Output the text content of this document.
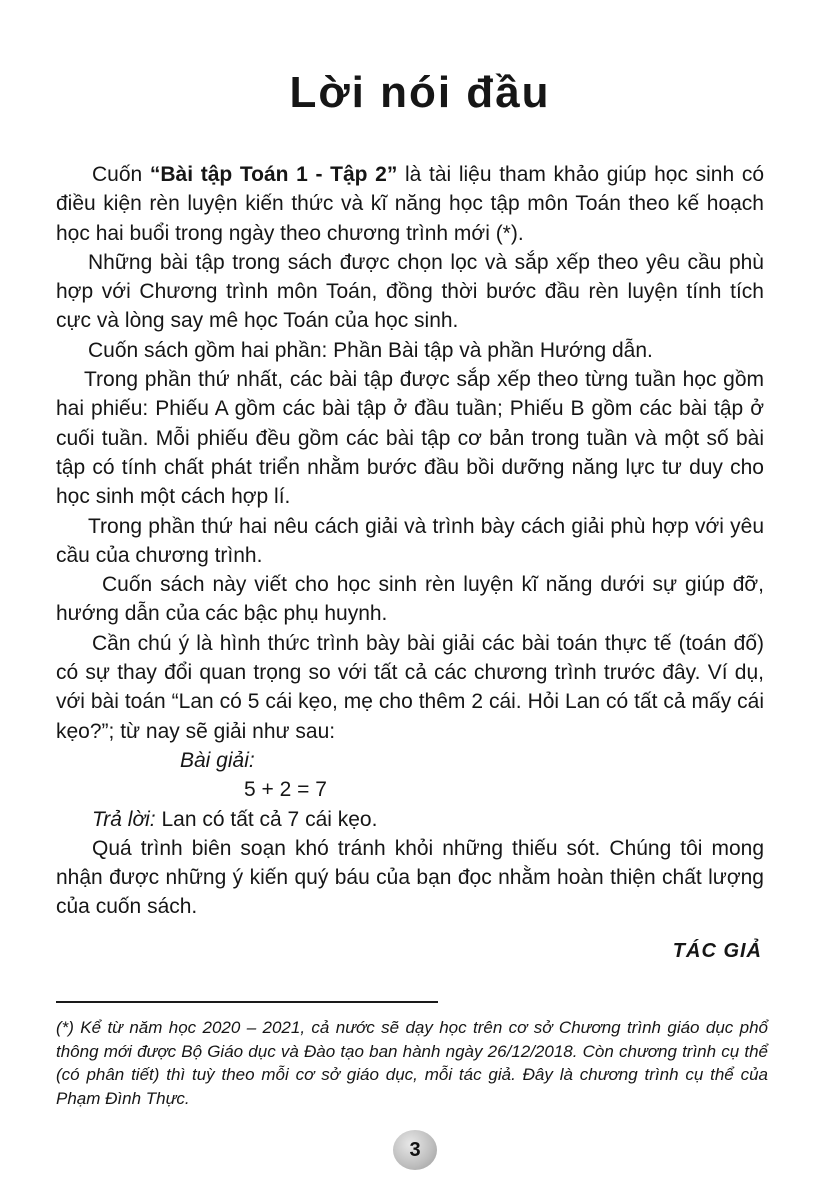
Lời nói đầu

Cuốn “Bài tập Toán 1 - Tập 2” là tài liệu tham khảo giúp học sinh có điều kiện rèn luyện kiến thức và kĩ năng học tập môn Toán theo kế hoạch học hai buổi trong ngày theo chương trình mới (*).

Những bài tập trong sách được chọn lọc và sắp xếp theo yêu cầu phù hợp với Chương trình môn Toán, đồng thời bước đầu rèn luyện tính tích cực và lòng say mê học Toán của học sinh.

Cuốn sách gồm hai phần: Phần Bài tập và phần Hướng dẫn.

Trong phần thứ nhất, các bài tập được sắp xếp theo từng tuần học gồm hai phiếu: Phiếu A gồm các bài tập ở đầu tuần; Phiếu B gồm các bài tập ở cuối tuần. Mỗi phiếu đều gồm các bài tập cơ bản trong tuần và một số bài tập có tính chất phát triển nhằm bước đầu bồi dưỡng năng lực tư duy cho học sinh một cách hợp lí.

Trong phần thứ hai nêu cách giải và trình bày cách giải phù hợp với yêu cầu của chương trình.

Cuốn sách này viết cho học sinh rèn luyện kĩ năng dưới sự giúp đỡ, hướng dẫn của các bậc phụ huynh.

Cần chú ý là hình thức trình bày bài giải các bài toán thực tế (toán đố) có sự thay đổi quan trọng so với tất cả các chương trình trước đây. Ví dụ, với bài toán “Lan có 5 cái kẹo, mẹ cho thêm 2 cái. Hỏi Lan có tất cả mấy cái kẹo?”; từ nay sẽ giải như sau:

Bài giải:

5 + 2 = 7

Trả lời: Lan có tất cả 7 cái kẹo.

Quá trình biên soạn khó tránh khỏi những thiếu sót. Chúng tôi mong nhận được những ý kiến quý báu của bạn đọc nhằm hoàn thiện chất lượng của cuốn sách.

TÁC GIẢ

(*) Kể từ năm học 2020 – 2021, cả nước sẽ dạy học trên cơ sở Chương trình giáo dục phổ thông mới được Bộ Giáo dục và Đào tạo ban hành ngày 26/12/2018. Còn chương trình cụ thể (có phân tiết) thì tuỳ theo mỗi cơ sở giáo dục, mỗi tác giả. Đây là chương trình cụ thể của Phạm Đình Thực.

3
